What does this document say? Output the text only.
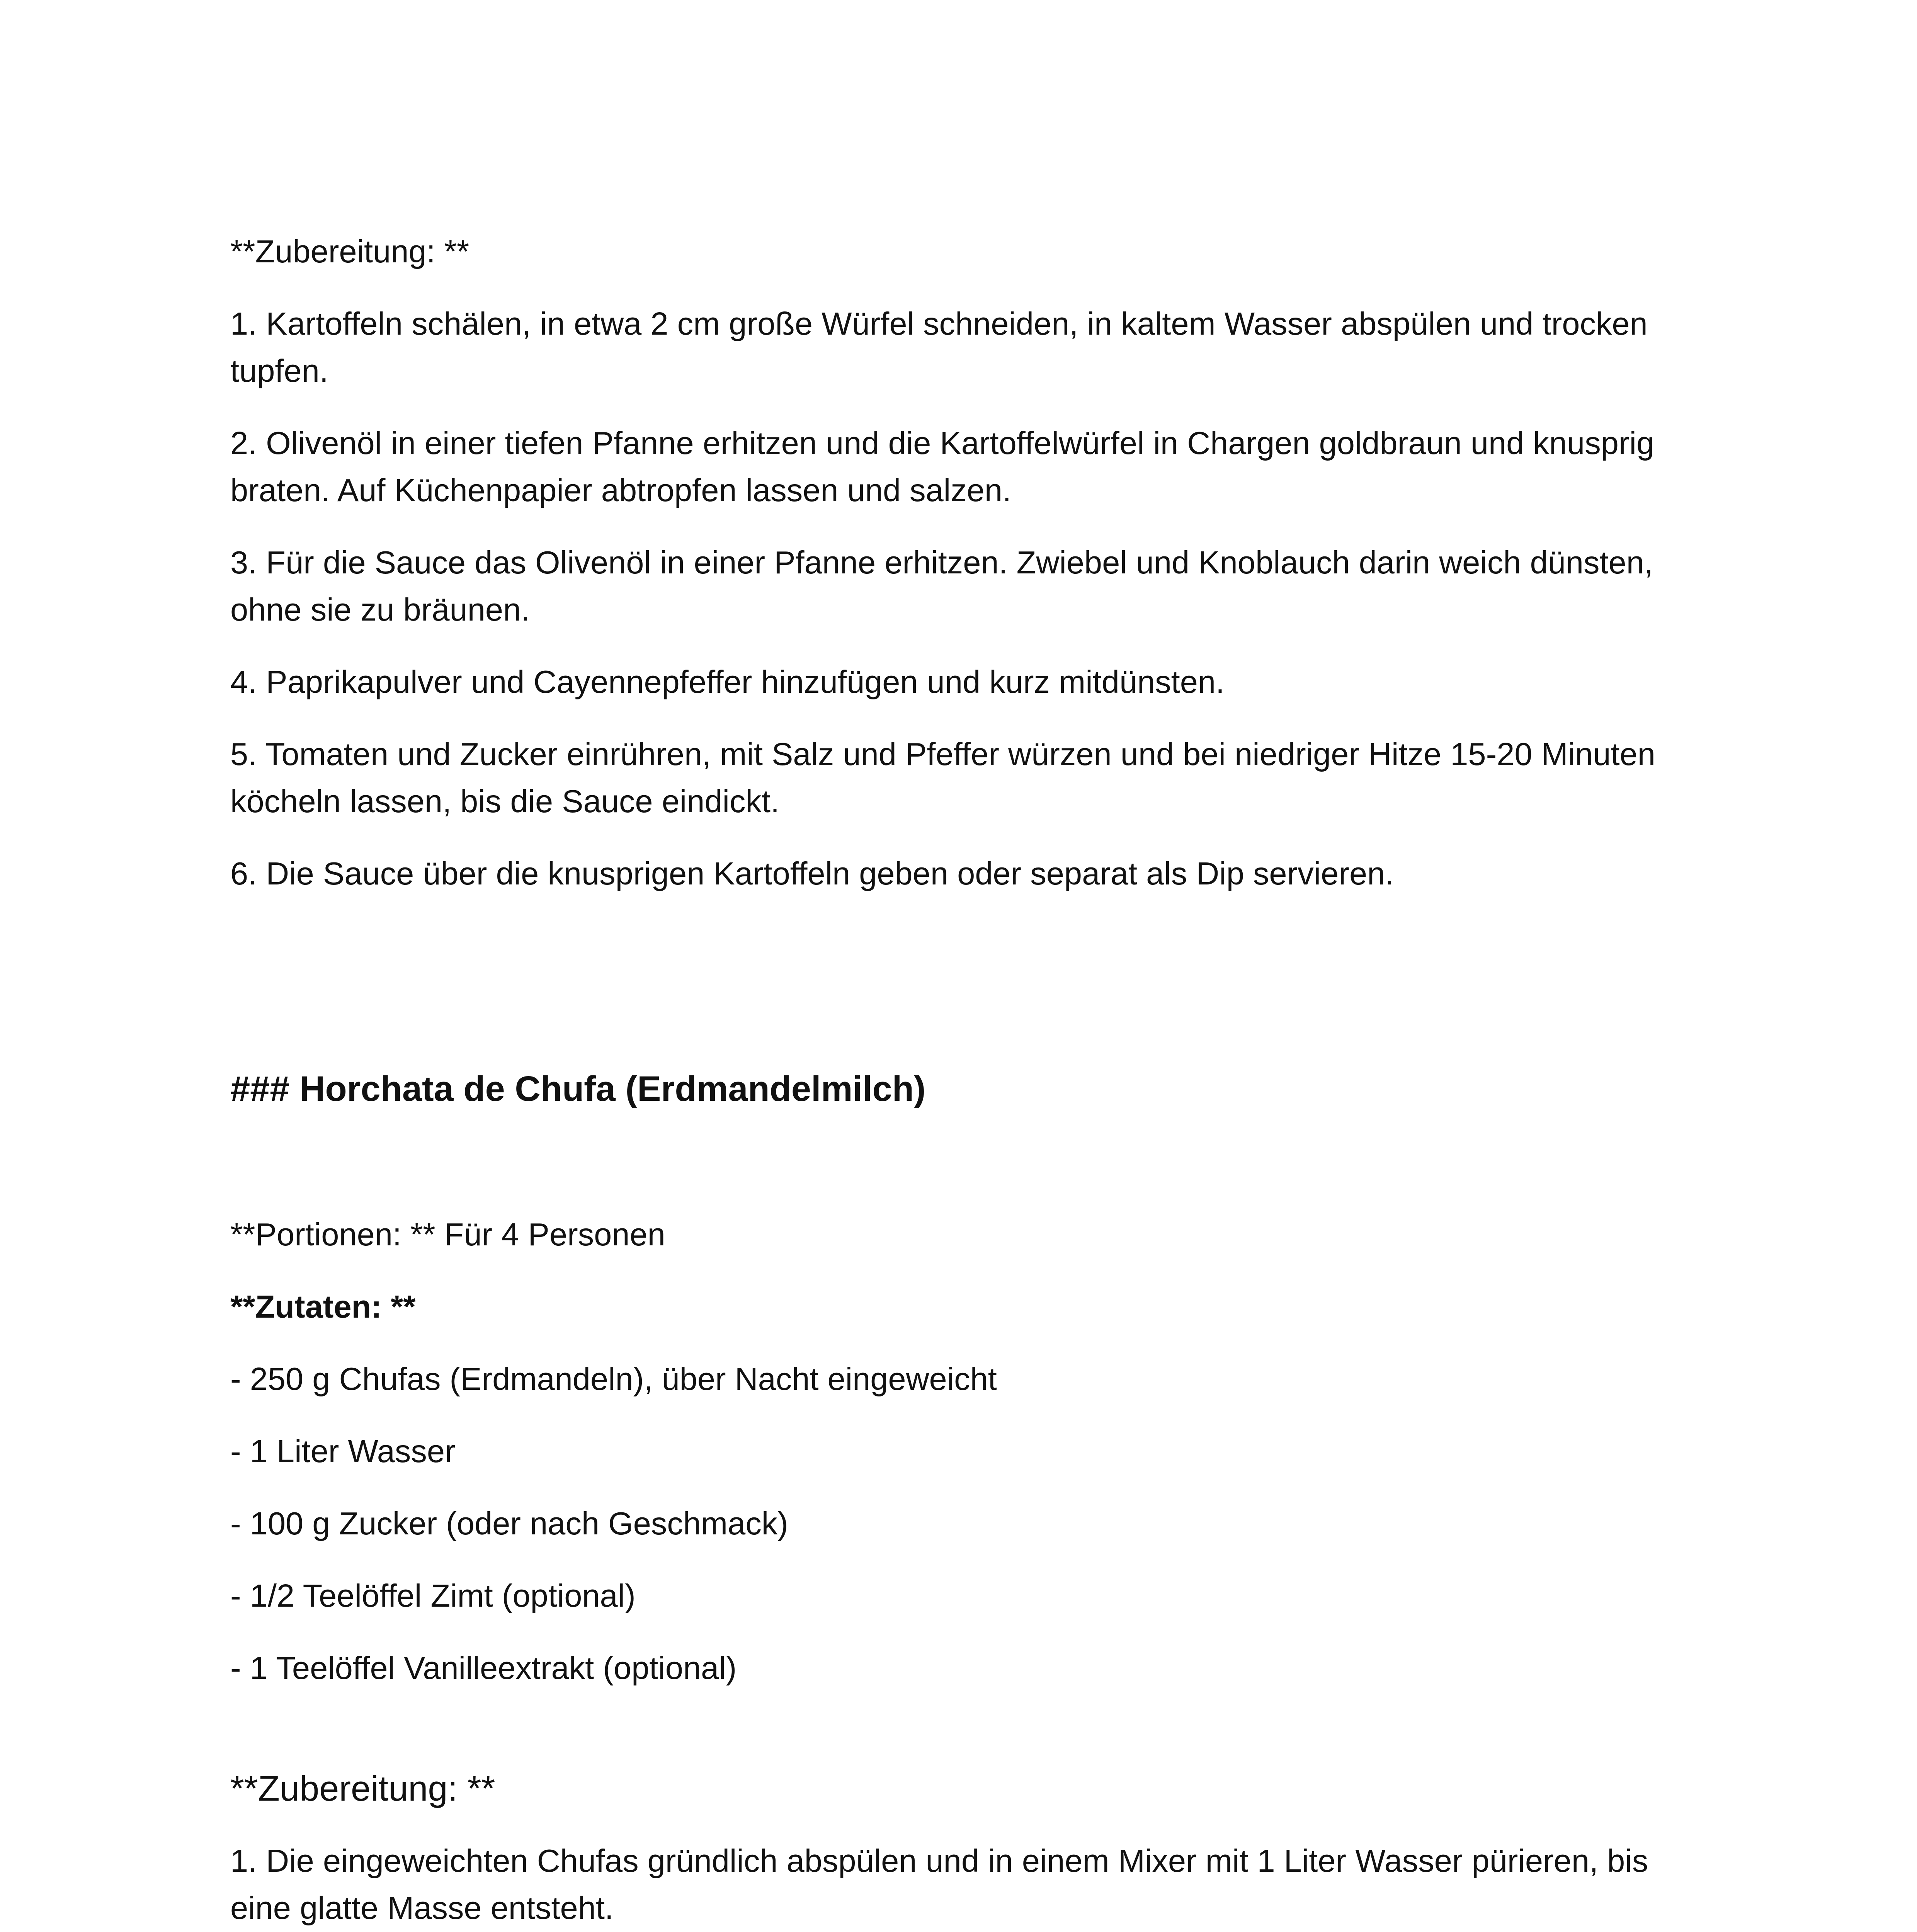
**Zubereitung: **

1. Kartoffeln schälen, in etwa 2 cm große Würfel schneiden, in kaltem Wasser abspülen und trocken tupfen.

2. Olivenöl in einer tiefen Pfanne erhitzen und die Kartoffelwürfel in Chargen goldbraun und knusprig braten. Auf Küchenpapier abtropfen lassen und salzen.

3. Für die Sauce das Olivenöl in einer Pfanne erhitzen. Zwiebel und Knoblauch darin weich dünsten, ohne sie zu bräunen.

4. Paprikapulver und Cayennepfeffer hinzufügen und kurz mitdünsten.

5. Tomaten und Zucker einrühren, mit Salz und Pfeffer würzen und bei niedriger Hitze 15-20 Minuten köcheln lassen, bis die Sauce eindickt.

6. Die Sauce über die knusprigen Kartoffeln geben oder separat als Dip servieren.

### Horchata de Chufa (Erdmandelmilch)

**Portionen: ** Für 4 Personen

**Zutaten: **

- 250 g Chufas (Erdmandeln), über Nacht eingeweicht

- 1 Liter Wasser

- 100 g Zucker (oder nach Geschmack)

- 1/2 Teelöffel Zimt (optional)

- 1 Teelöffel Vanilleextrakt (optional)

**Zubereitung: **

1. Die eingeweichten Chufas gründlich abspülen und in einem Mixer mit 1 Liter Wasser pürieren, bis eine glatte Masse entsteht.
